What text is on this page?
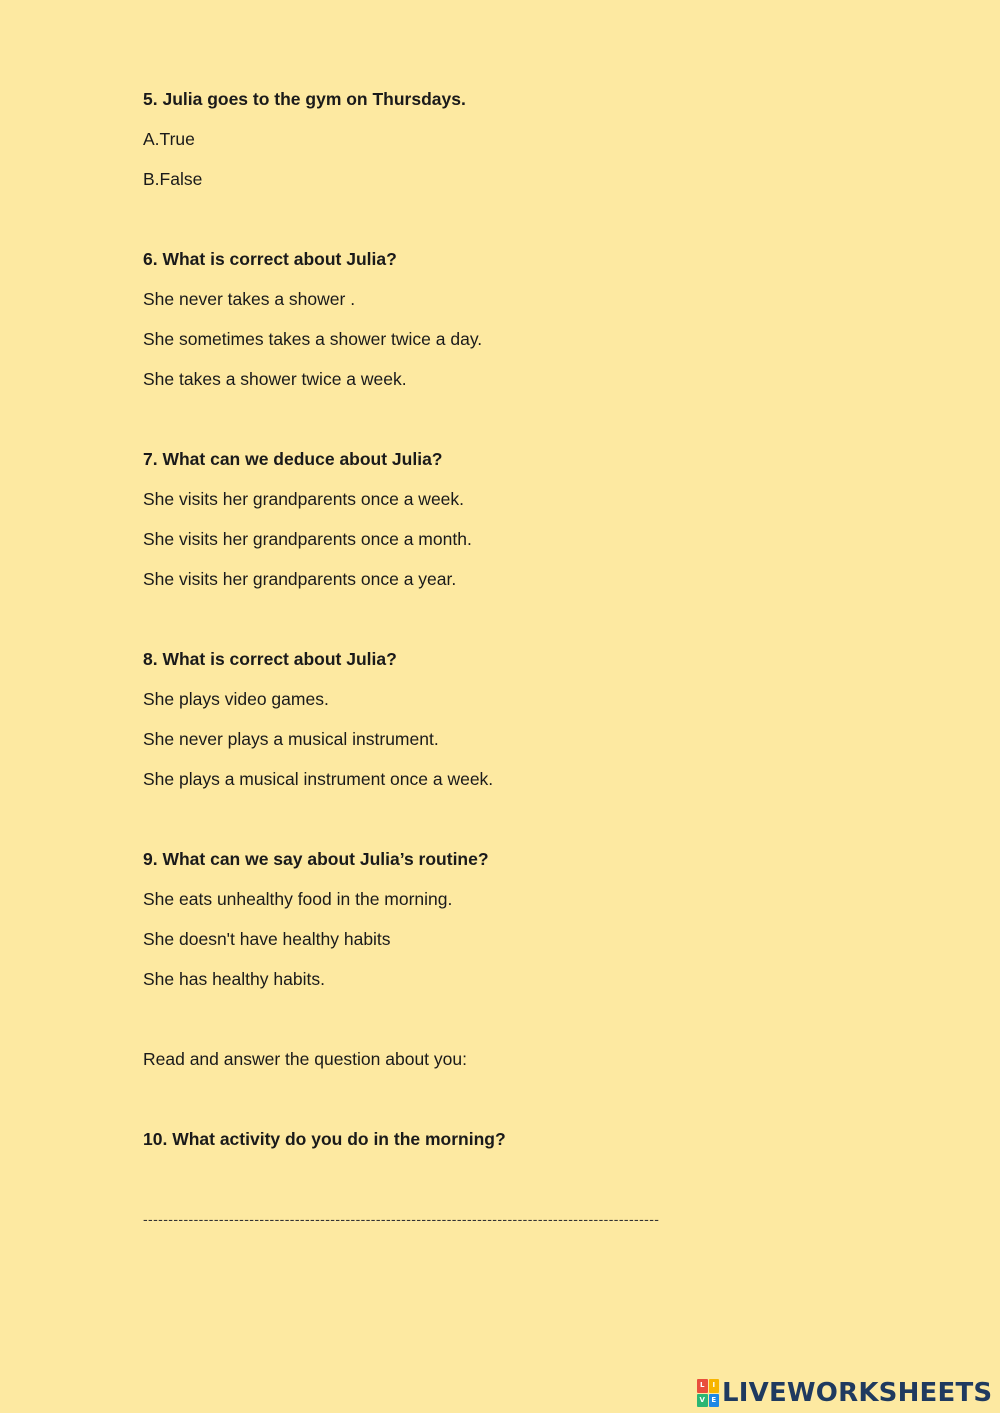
5. Julia goes to the gym on Thursdays.
A.True
B.False
6. What is correct about Julia?
She never takes a shower .
She sometimes takes a shower twice a day.
She takes a shower twice a week.
7. What can we deduce about Julia?
She visits her grandparents once a week.
She visits her grandparents once a month.
She visits her grandparents once a year.
8. What is correct about Julia?
She plays video games.
She never plays a musical instrument.
She plays a musical instrument once a week.
9. What can we say about Julia’s routine?
She eats unhealthy food in the morning.
She doesn't have healthy habits
She has healthy habits.
Read and answer the question about you:
10. What activity do you do in the morning?
------------------------------------------------------------------------------------------------------
L	I
V E LIVEWORKSHEETS
